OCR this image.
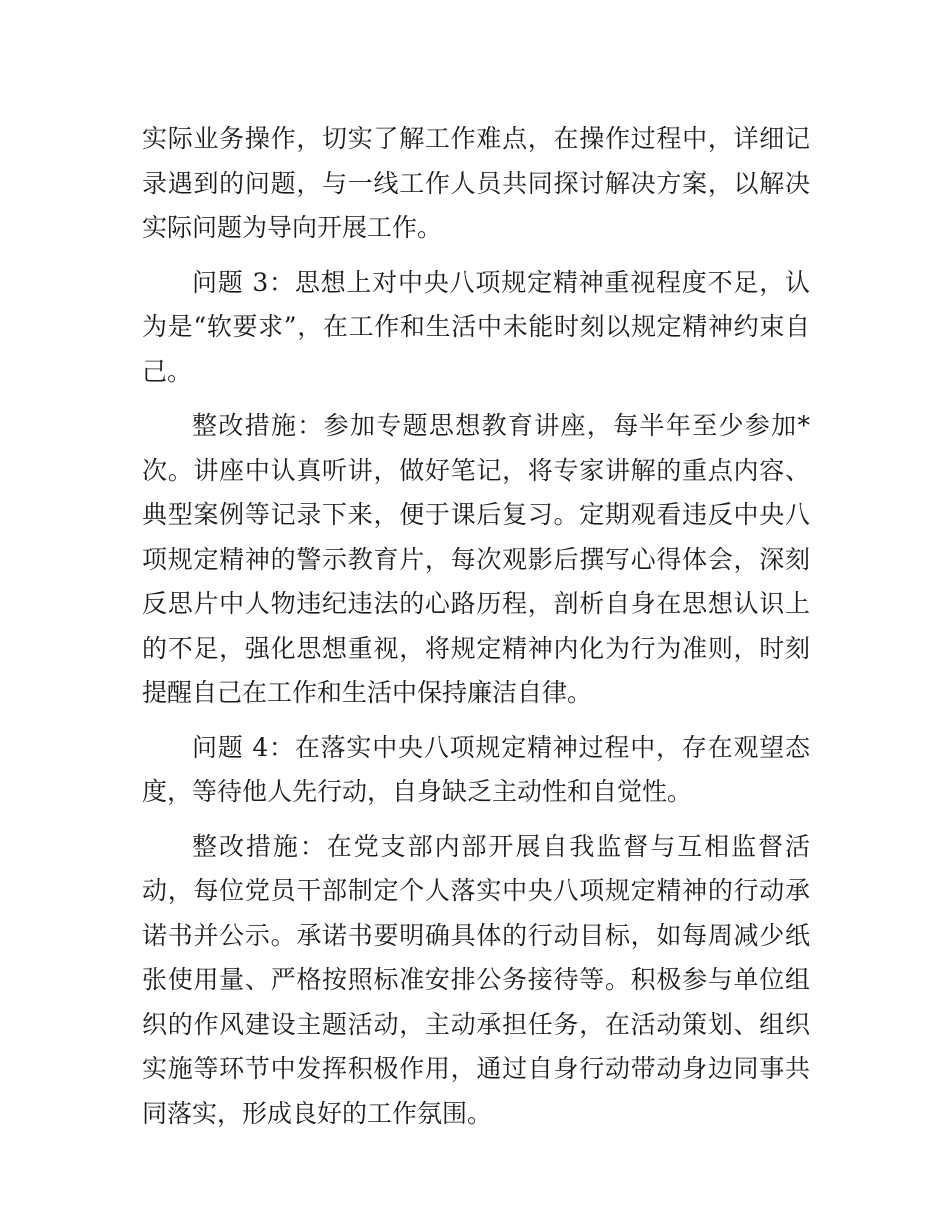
实际业务操作，切实了解工作难点，在操作过程中，详细记录遇到的问题，与一线工作人员共同探讨解决方案，以解决实际问题为导向开展工作。

问题 3：思想上对中央八项规定精神重视程度不足，认为是“软要求”，在工作和生活中未能时刻以规定精神约束自己。

整改措施：参加专题思想教育讲座，每半年至少参加*次。讲座中认真听讲，做好笔记，将专家讲解的重点内容、典型案例等记录下来，便于课后复习。定期观看违反中央八项规定精神的警示教育片，每次观影后撰写心得体会，深刻反思片中人物违纪违法的心路历程，剖析自身在思想认识上的不足，强化思想重视，将规定精神内化为行为准则，时刻提醒自己在工作和生活中保持廉洁自律。

问题 4：在落实中央八项规定精神过程中，存在观望态度，等待他人先行动，自身缺乏主动性和自觉性。

整改措施：在党支部内部开展自我监督与互相监督活动，每位党员干部制定个人落实中央八项规定精神的行动承诺书并公示。承诺书要明确具体的行动目标，如每周减少纸张使用量、严格按照标准安排公务接待等。积极参与单位组织的作风建设主题活动，主动承担任务，在活动策划、组织实施等环节中发挥积极作用，通过自身行动带动身边同事共同落实，形成良好的工作氛围。
